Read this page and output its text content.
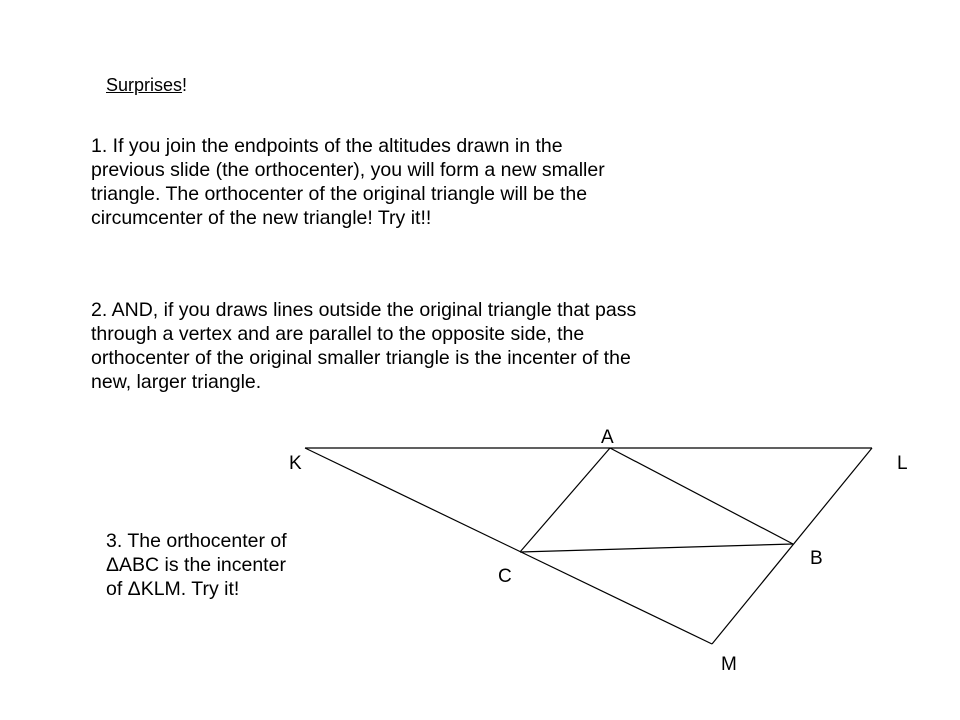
Surprises!
1. If you join the endpoints of the altitudes drawn in the
previous slide (the orthocenter), you will form a new smaller
triangle. The orthocenter of the original triangle will be the
circumcenter of the new triangle! Try it!!
2. AND, if you draws lines outside the original triangle that pass
through a vertex and are parallel to the opposite side, the
orthocenter of the original smaller triangle is the incenter of the
new, larger triangle.
3. The orthocenter of
ΔABC is the incenter
of ΔKLM. Try it!
A
K	L
B
C
M
